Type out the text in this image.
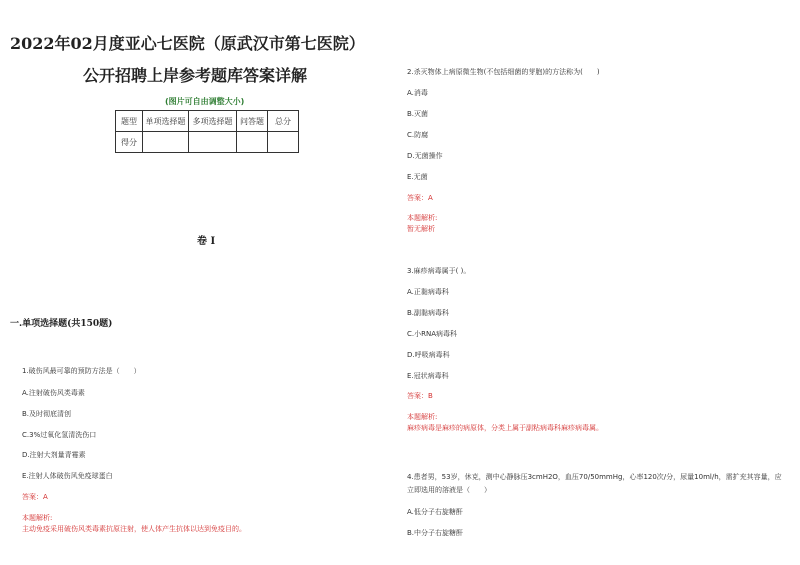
2022年02月度亚心七医院（原武汉市第七医院）
公开招聘上岸参考题库答案详解
(图片可自由调整大小)
题型	单项选择题	多项选择题	问答题	总分
得分				
卷 I
一.单项选择题(共150题)
1.破伤风最可靠的预防方法是（　　）
A.注射破伤风类毒素
B.及时彻底清创
C.3%过氧化氢清洗伤口
D.注射大剂量青霉素
E.注射人体破伤风免疫球蛋白
答案：A
本题解析:
主动免疫采用破伤风类毒素抗原注射，使人体产生抗体以达到免疫目的。
2.杀灭物体上病原微生物(不包括细菌的芽胞)的方法称为(　　)
A.消毒
B.灭菌
C.防腐
D.无菌操作
E.无菌
答案：A
本题解析:
暂无解析
3.麻疹病毒属于( )。
A.正黏病毒科
B.副黏病毒科
C.小RNA病毒科
D.呼吸病毒科
E.冠状病毒科
答案：B
本题解析:
麻疹病毒是麻疹的病原体，分类上属于副粘病毒科麻疹病毒属。
4.患者男，53岁，休克，测中心静脉压3cmH2O，血压70/50mmHg，心率120次/分，尿量10ml/h，需扩充其容量，应立即选用的溶液是（　　）
A.低分子右旋糖酐
B.中分子右旋糖酐
